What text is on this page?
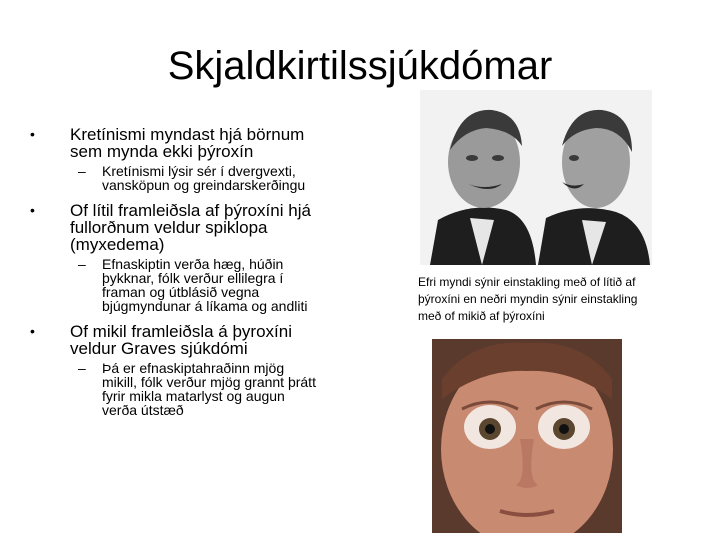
Skjaldkirtilssjúkdómar
• Kretínismi myndast hjá börnum
sem mynda ekki þýroxín
– Kretínismi lýsir sér í dvergvexti,
vansköpun og greindarskerðingu
• Of lítil framleiðsla af þýroxíni hjá
fullorðnum veldur spiklopa
(myxedema)
– Efnaskiptin verða hæg, húðin
þykknar, fólk verður ellilegra í
framan og útblásið vegna
bjúgmyndunar á líkama og andliti
• Of mikil framleiðsla á þyroxíni
veldur Graves sjúkdómi
– Þá er efnaskiptahraðinn mjög
mikill, fólk verður mjög grannt þrátt
fyrir mikla matarlyst og augun
verða útstæð
Efri myndi sýnir einstakling með of lítið af
þýroxíni en neðri myndin sýnir einstakling
með of mikið af þýroxíni
